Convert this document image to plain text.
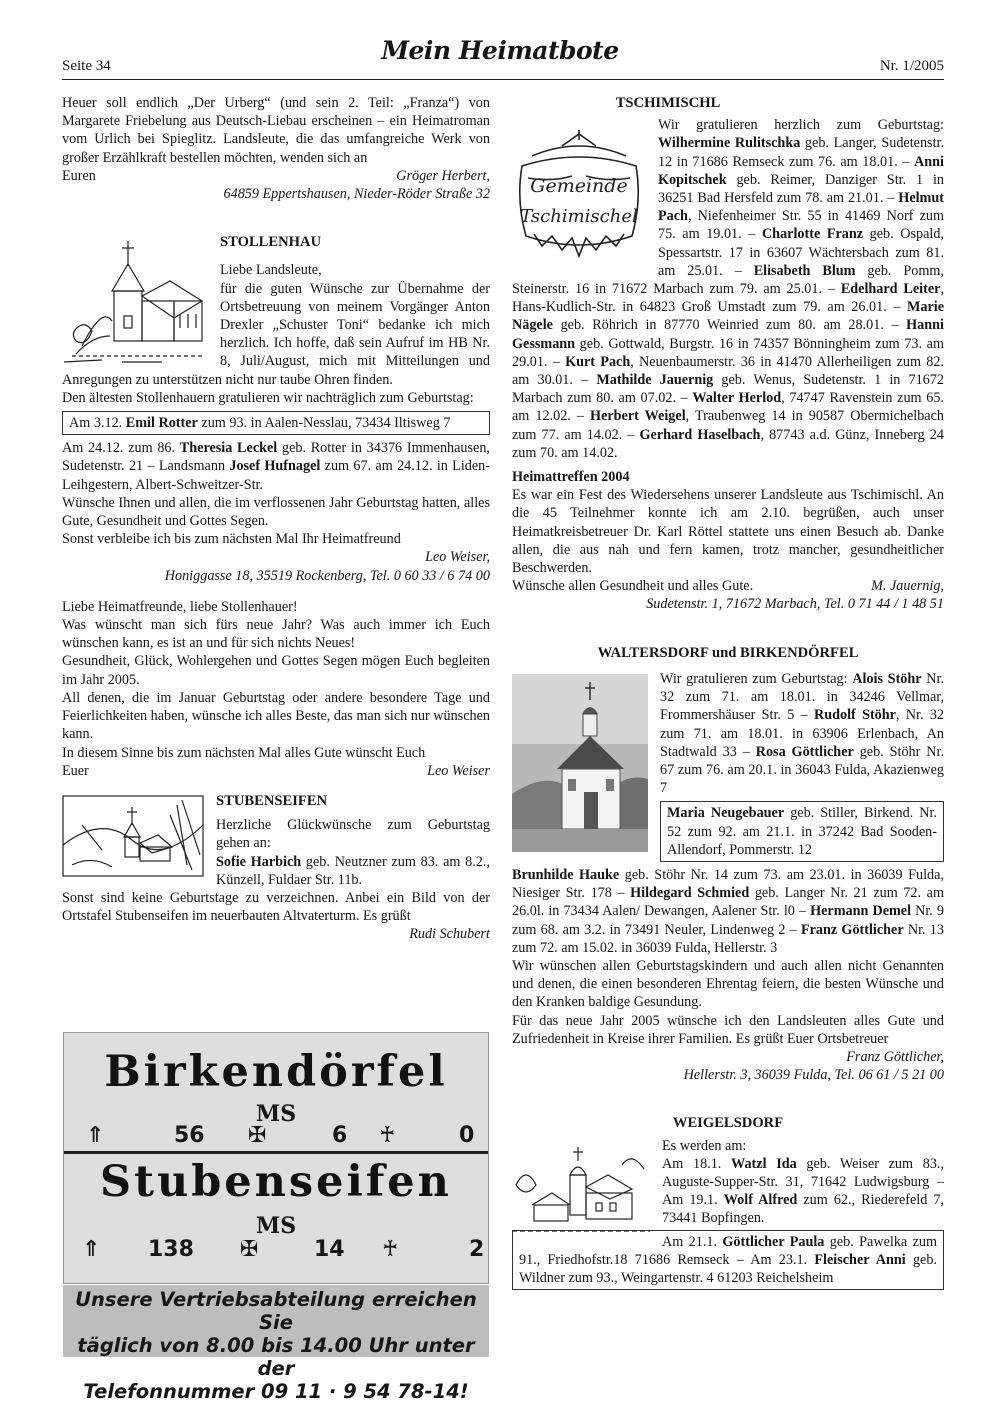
Seite 34
Mein Heimatbote
Nr. 1/2005

Heuer soll endlich „Der Urberg“ (und sein 2. Teil: „Franza“) von Margarete Friebelung aus Deutsch-Liebau erscheinen – ein Heimatroman vom Urlich bei Spieglitz. Landsleute, die das umfangreiche Werk von großer Erzählkraft bestellen möchten, wenden sich an

Euren	Gröger Herbert,

64859 Eppertshausen, Nieder-Röder Straße 32

STOLLENHAU

Liebe Landsleute,

für die guten Wünsche zur Übernahme der Ortsbetreuung von meinem Vorgänger Anton Drexler „Schuster Toni“ bedanke ich mich herzlich. Ich hoffe, daß sein Aufruf im HB Nr. 8, Juli/August, mich mit Mitteilungen und Anregungen zu unterstützen nicht nur taube Ohren finden.

Den ältesten Stollenhauern gratulieren wir nachträglich zum Geburtstag:

Am 3.12. Emil Rotter zum 93. in Aalen-Nesslau, 73434 Iltisweg 7

Am 24.12. zum 86. Theresia Leckel geb. Rotter in 34376 Immenhausen, Sudetenstr. 21 – Landsmann Josef Hufnagel zum 67. am 24.12. in Liden-Leihgestern, Albert-Schweitzer-Str.

Wünsche Ihnen und allen, die im verflossenen Jahr Geburtstag hatten, alles Gute, Gesundheit und Gottes Segen.

Sonst verbleibe ich bis zum nächsten Mal Ihr Heimatfreund

Leo Weiser,

Honiggasse 18, 35519 Rockenberg, Tel. 0 60 33 / 6 74 00

Liebe Heimatfreunde, liebe Stollenhauer!

Was wünscht man sich fürs neue Jahr? Was auch immer ich Euch wünschen kann, es ist an und für sich nichts Neues!

Gesundheit, Glück, Wohlergehen und Gottes Segen mögen Euch begleiten im Jahr 2005.

All denen, die im Januar Geburtstag oder andere besondere Tage und Feierlichkeiten haben, wünsche ich alles Beste, das man sich nur wünschen kann.

In diesem Sinne bis zum nächsten Mal alles Gute wünscht Euch

Euer	Leo Weiser

STUBENSEIFEN

Herzliche Glückwünsche zum Geburtstag gehen an:

Sofie Harbich geb. Neutzner zum 83. am 8.2., Künzell, Fuldaer Str. 11b.

Sonst sind keine Geburtstage zu verzeichnen. Anbei ein Bild von der Ortstafel Stubenseifen im neuerbauten Altvaterturm. Es grüßt
Rudi Schubert

Birkendörfel
MS
⇑	56 ✠	6 ♰	0
Stubenseifen
MS
⇑ 138 ✠	14 ♰	2
Unsere Vertriebsabteilung erreichen Sie
täglich von 8.00 bis 14.00 Uhr unter der
Telefonnummer 09 11 · 9 54 78-14!

TSCHIMISCHL

Gemeinde
Tschimischel

Wir gratulieren herzlich zum Geburtstag: Wilhermine Rulitschka geb. Langer, Sudetenstr. 12 in 71686 Remseck zum 76. am 18.01. – Anni Kopitschek geb. Reimer, Danziger Str. 1 in 36251 Bad Hersfeld zum 78. am 21.01. – Helmut Pach, Niefenheimer Str. 55 in 41469 Norf zum 75. am 19.01. – Charlotte Franz geb. Ospald, Spessartstr. 17 in 63607 Wächtersbach zum 81. am 25.01. – Elisabeth Blum geb. Pomm, Steinerstr. 16 in 71672 Marbach zum 79. am 25.01. – Edelhard Leiter, Hans-Kudlich-Str. in 64823 Groß Umstadt zum 79. am 26.01. – Marie Nägele geb. Röhrich in 87770 Weinried zum 80. am 28.01. – Hanni Gessmann geb. Gottwald, Burgstr. 16 in 74357 Bönningheim zum 73. am 29.01. – Kurt Pach, Neuenbaumerstr. 36 in 41470 Allerheiligen zum 82. am 30.01. – Mathilde Jauernig geb. Wenus, Sudetenstr. 1 in 71672 Marbach zum 80. am 07.02. – Walter Herlod, 74747 Ravenstein zum 65. am 12.02. – Herbert Weigel, Traubenweg 14 in 90587 Obermichelbach zum 77. am 14.02. – Gerhard Haselbach, 87743 a.d. Günz, Inneberg 24 zum 70. am 14.02.

Heimattreffen 2004

Es war ein Fest des Wiedersehens unserer Landsleute aus Tschimischl. An die 45 Teilnehmer konnte ich am 2.10. begrüßen, auch unser Heimatkreisbetreuer Dr. Karl Röttel stattete uns einen Besuch ab. Danke allen, die aus nah und fern kamen, trotz mancher, gesundheitlicher Beschwerden.

Wünsche allen Gesundheit und alles Gute.	M. Jauernig,

Sudetenstr. 1, 71672 Marbach, Tel. 0 71 44 / 1 48 51

WALTERSDORF und BIRKENDÖRFEL

Wir gratulieren zum Geburtstag: Alois Stöhr Nr. 32 zum 71. am 18.01. in 34246 Vellmar, Frommershäuser Str. 5 – Rudolf Stöhr, Nr. 32 zum 71. am 18.01. in 63906 Erlenbach, An Stadtwald 33 – Rosa Göttlicher geb. Stöhr Nr. 67 zum 76. am 20.1. in 36043 Fulda, Akazienweg 7

Maria Neugebauer geb. Stiller, Birkend. Nr. 52 zum 92. am 21.1. in 37242 Bad Sooden-Allendorf, Pommerstr. 12

Brunhilde Hauke geb. Stöhr Nr. 14 zum 73. am 23.01. in 36039 Fulda, Niesiger Str. 178 – Hildegard Schmied geb. Langer Nr. 21 zum 72. am 26.0l. in 73434 Aalen/ Dewangen, Aalener Str. l0 – Hermann Demel Nr. 9 zum 68. am 3.2. in 73491 Neuler, Lindenweg 2 – Franz Göttlicher Nr. 13 zum 72. am 15.02. in 36039 Fulda, Hellerstr. 3

Wir wünschen allen Geburtstagskindern und auch allen nicht Genannten und denen, die einen besonderen Ehrentag feiern, die besten Wünsche und den Kranken baldige Gesundung.

Für das neue Jahr 2005 wünsche ich den Landsleuten alles Gute und Zufriedenheit in Kreise ihrer Familien. Es grüßt Euer Ortsbetreuer

Franz Göttlicher,

Hellerstr. 3, 36039 Fulda, Tel. 06 61 / 5 21 00

WEIGELSDORF

Es werden am:

Am 18.1. Watzl Ida geb. Weiser zum 83., Auguste-Supper-Str. 31, 71642 Ludwigsburg – Am 19.1. Wolf Alfred zum 62., Riederefeld 7, 73441 Bopfingen.

Am 21.1. Göttlicher Paula geb. Pawelka zum 91., Friedhofstr.18 71686 Remseck – Am 23.1. Fleischer Anni geb. Wildner zum 93., Weingartenstr. 4 61203 Reichelsheim
